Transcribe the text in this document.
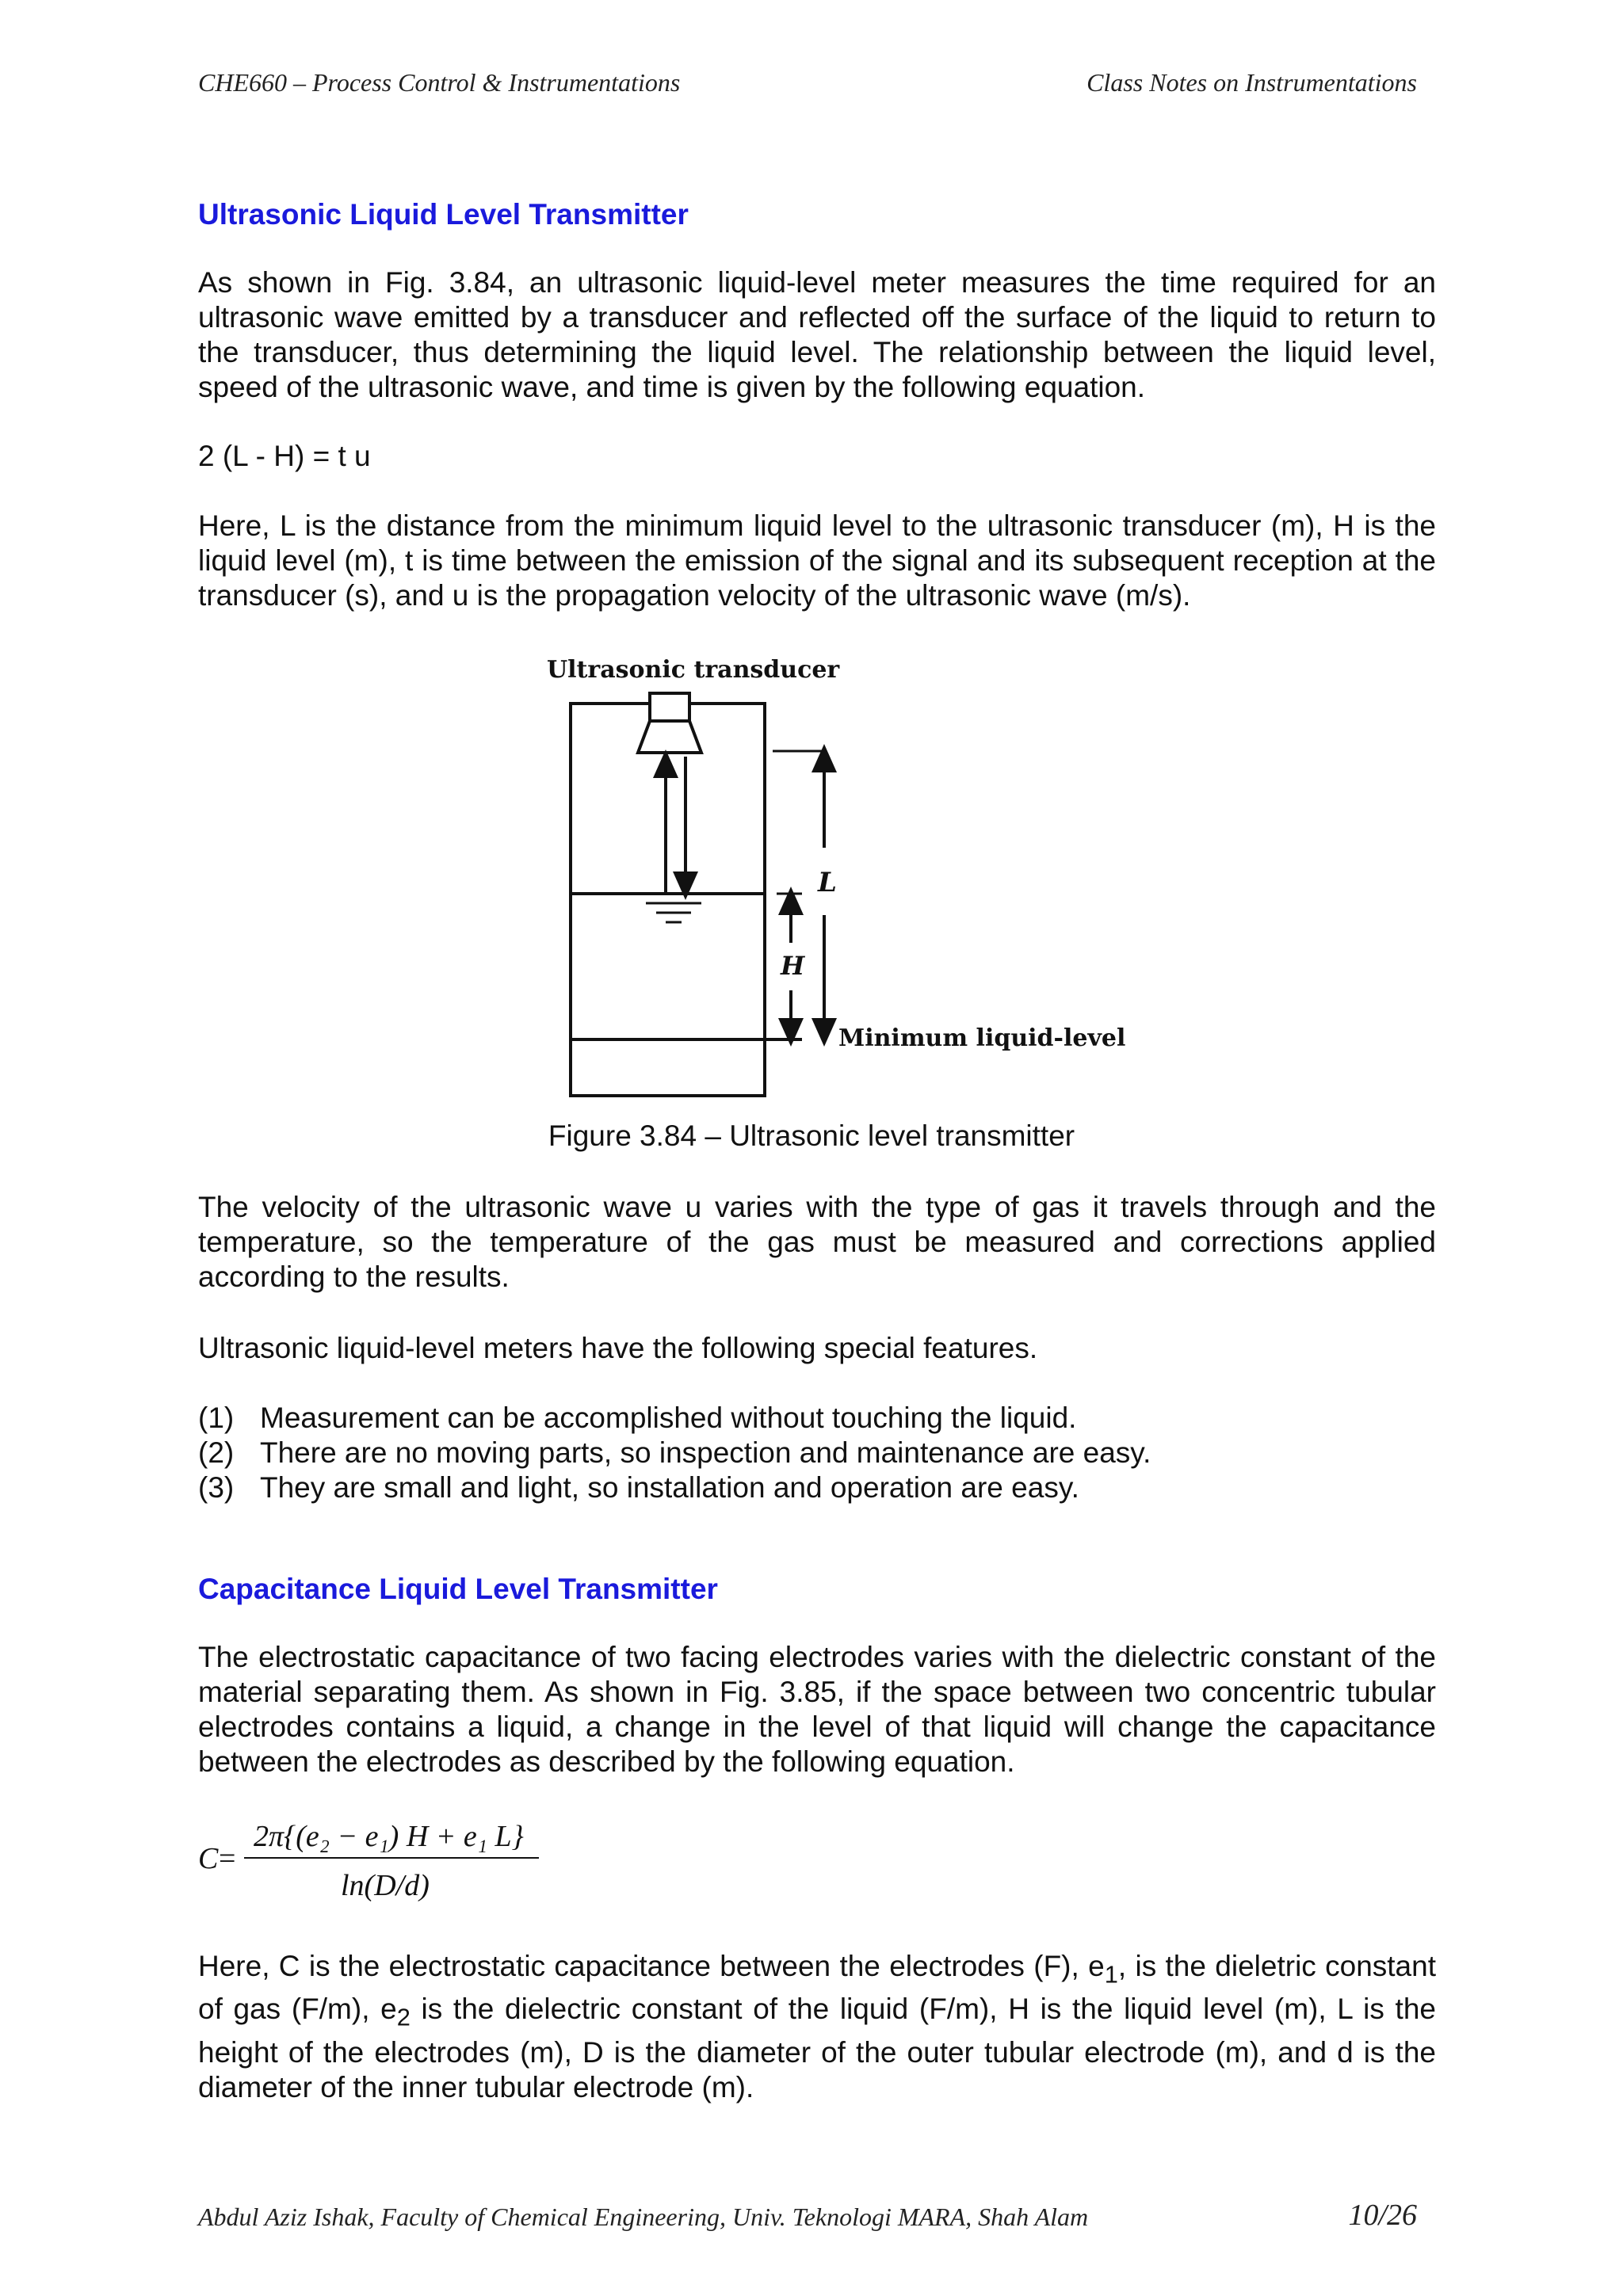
CHE660 – Process Control & Instrumentations	Class Notes on Instrumentations
Ultrasonic Liquid Level Transmitter

As shown in Fig. 3.84, an ultrasonic liquid-level meter measures the time required for an ultrasonic wave emitted by a transducer and reflected off the surface of the liquid to return to the transducer, thus determining the liquid level. The relationship between the liquid level, speed of the ultrasonic wave, and time is given by the following equation.

2 (L - H) = t u

Here, L is the distance from the minimum liquid level to the ultrasonic transducer (m), H is the liquid level (m), t is time between the emission of the signal and its subsequent reception at the transducer (s), and u is the propagation velocity of the ultrasonic wave (m/s).

Ultrasonic transducer
L
H
Minimum liquid-level
Figure 3.84 – Ultrasonic level transmitter

The velocity of the ultrasonic wave u varies with the type of gas it travels through and the temperature, so the temperature of the gas must be measured and corrections applied according to the results.

Ultrasonic liquid-level meters have the following special features.

(1) Measurement can be accomplished without touching the liquid.
(2) There are no moving parts, so inspection and maintenance are easy.
(3) They are small and light, so installation and operation are easy.
Capacitance Liquid Level Transmitter

The electrostatic capacitance of two facing electrodes varies with the dielectric constant of the material separating them. As shown in Fig. 3.85, if the space between two concentric tubular electrodes contains a liquid, a change in the level of that liquid will change the capacitance between the electrodes as described by the following equation.

C =
2π{(e₂ − e₁) H + e₁ L}
ln(D/d)

Here, C is the electrostatic capacitance between the electrodes (F), $e_1$, is the dieletric constant of gas (F/m), $e_2$ is the dielectric constant of the liquid (F/m), H is the liquid level (m), L is the height of the electrodes (m), D is the diameter of the outer tubular electrode (m), and d is the diameter of the inner tubular electrode (m).

Abdul Aziz Ishak, Faculty of Chemical Engineering, Univ. Teknologi MARA, Shah Alam	10/26
